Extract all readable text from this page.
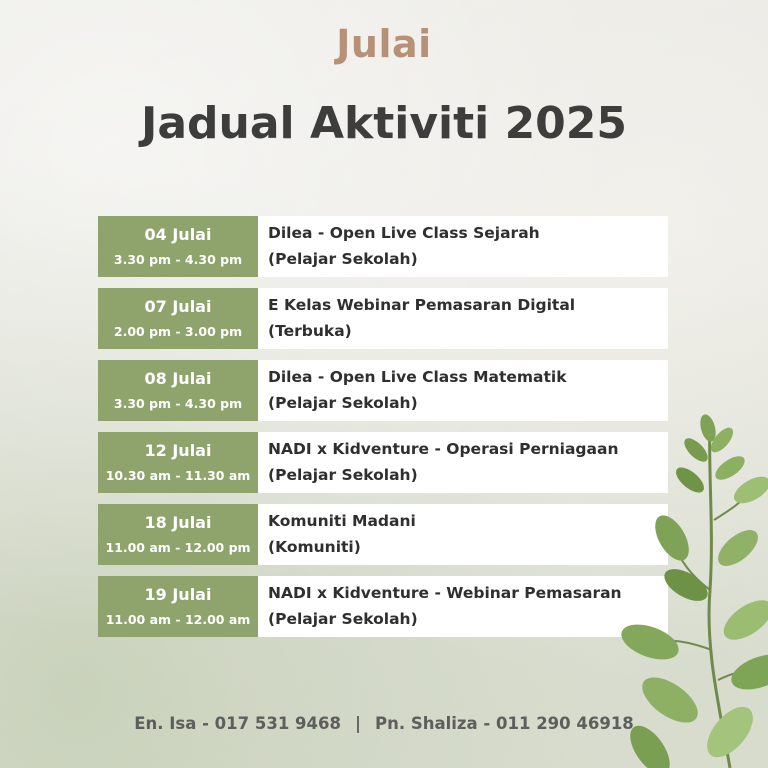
Julai
Jadual Aktiviti 2025
04 Julai
3.30 pm - 4.30 pm
Dilea - Open Live Class Sejarah
(Pelajar Sekolah)
07 Julai
2.00 pm - 3.00 pm
E Kelas Webinar Pemasaran Digital
(Terbuka)
08 Julai
3.30 pm - 4.30 pm
Dilea - Open Live Class Matematik
(Pelajar Sekolah)
12 Julai
10.30 am - 11.30 am
NADI x Kidventure - Operasi Perniagaan
(Pelajar Sekolah)
18 Julai
11.00 am - 12.00 pm
Komuniti Madani
(Komuniti)
19 Julai
11.00 am - 12.00 am
NADI x Kidventure - Webinar Pemasaran
(Pelajar Sekolah)
En. Isa - 017 531 9468 | Pn. Shaliza - 011 290 46918
